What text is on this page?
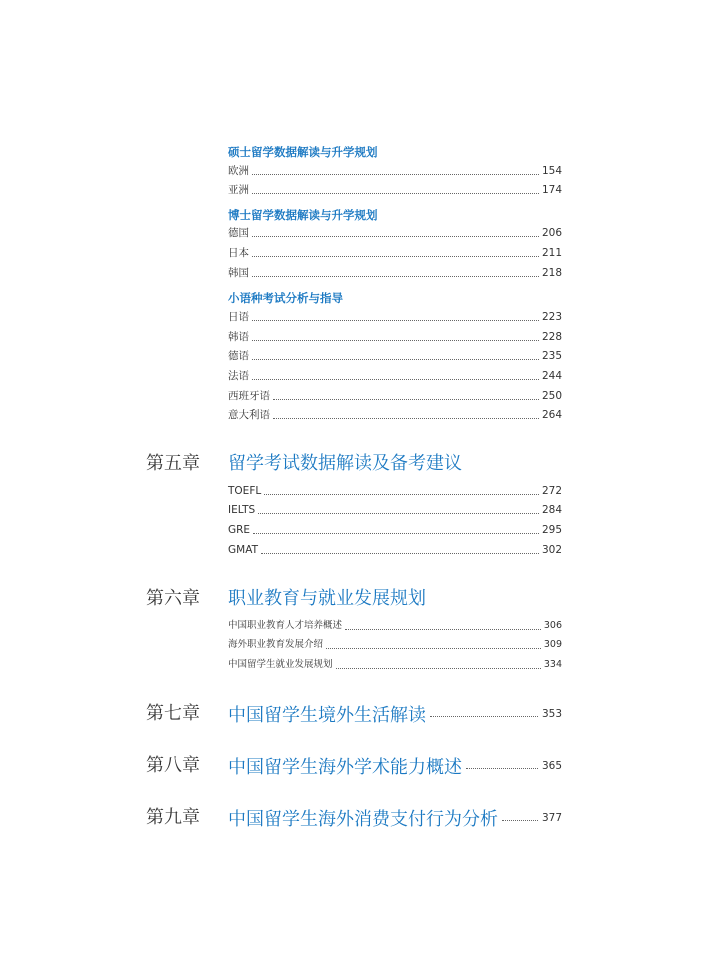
硕士留学数据解读与升学规划
欧洲	154
亚洲	174
博士留学数据解读与升学规划
德国	206
日本	211
韩国	218
小语种考试分析与指导
日语	223
韩语	228
德语	235
法语	244
西班牙语	250
意大利语	264
第五章 留学考试数据解读及备考建议
TOEFL	272
IELTS	284
GRE	295
GMAT	302
第六章 职业教育与就业发展规划
中国职业教育人才培养概述	306
海外职业教育发展介绍	309
中国留学生就业发展规划	334
第七章 中国留学生境外生活解读	353
第八章 中国留学生海外学术能力概述	365
第九章 中国留学生海外消费支付行为分析	377
